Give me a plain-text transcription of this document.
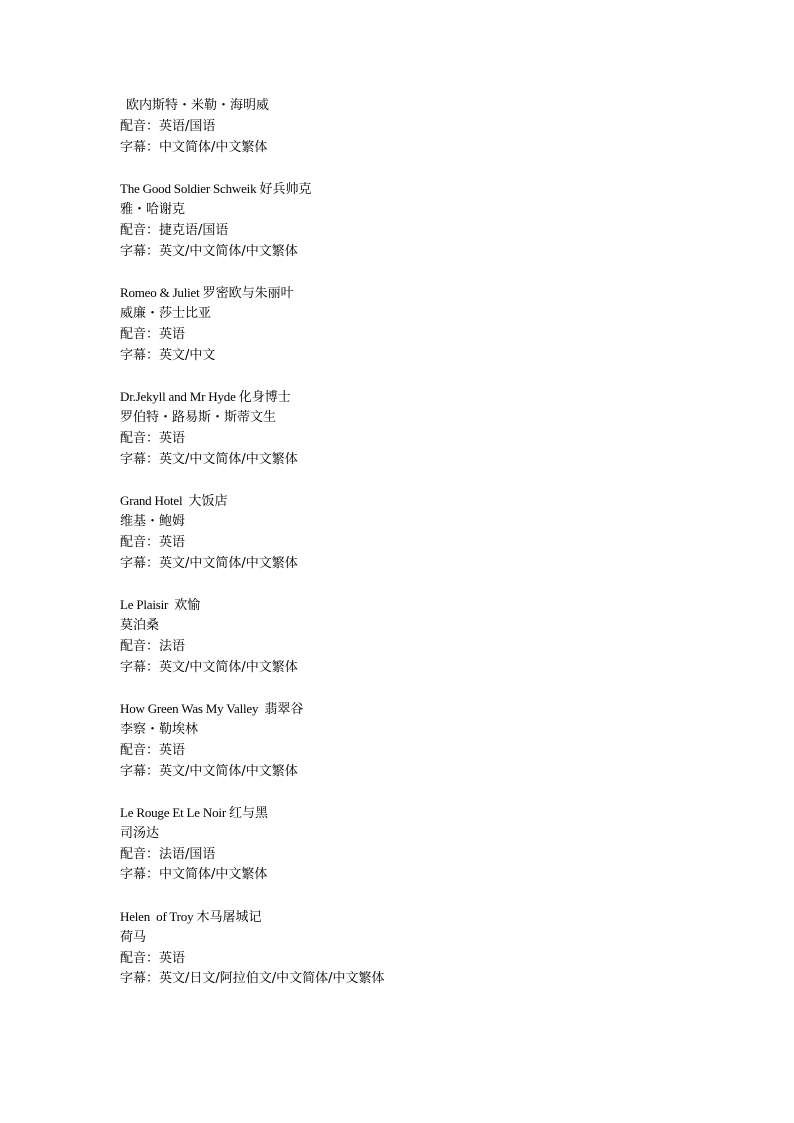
欧内斯特・米勒・海明威
配音：英语/国语
字幕：中文简体/中文繁体
The Good Soldier Schweik 好兵帅克
雅・哈谢克
配音：捷克语/国语
字幕：英文/中文简体/中文繁体
Romeo & Juliet 罗密欧与朱丽叶
威廉・莎士比亚
配音：英语
字幕：英文/中文
Dr.Jekyll and Mr Hyde 化身博士
罗伯特・路易斯・斯蒂文生
配音：英语
字幕：英文/中文简体/中文繁体
Grand Hotel  大饭店
维基・鲍姆
配音：英语
字幕：英文/中文简体/中文繁体
Le Plaisir  欢愉
莫泊桑
配音：法语
字幕：英文/中文简体/中文繁体
How Green Was My Valley  翡翠谷
李察・勒埃林
配音：英语
字幕：英文/中文简体/中文繁体
Le Rouge Et Le Noir 红与黑
司汤达
配音：法语/国语
字幕：中文简体/中文繁体
Helen  of Troy 木马屠城记
荷马
配音：英语
字幕：英文/日文/阿拉伯文/中文简体/中文繁体
